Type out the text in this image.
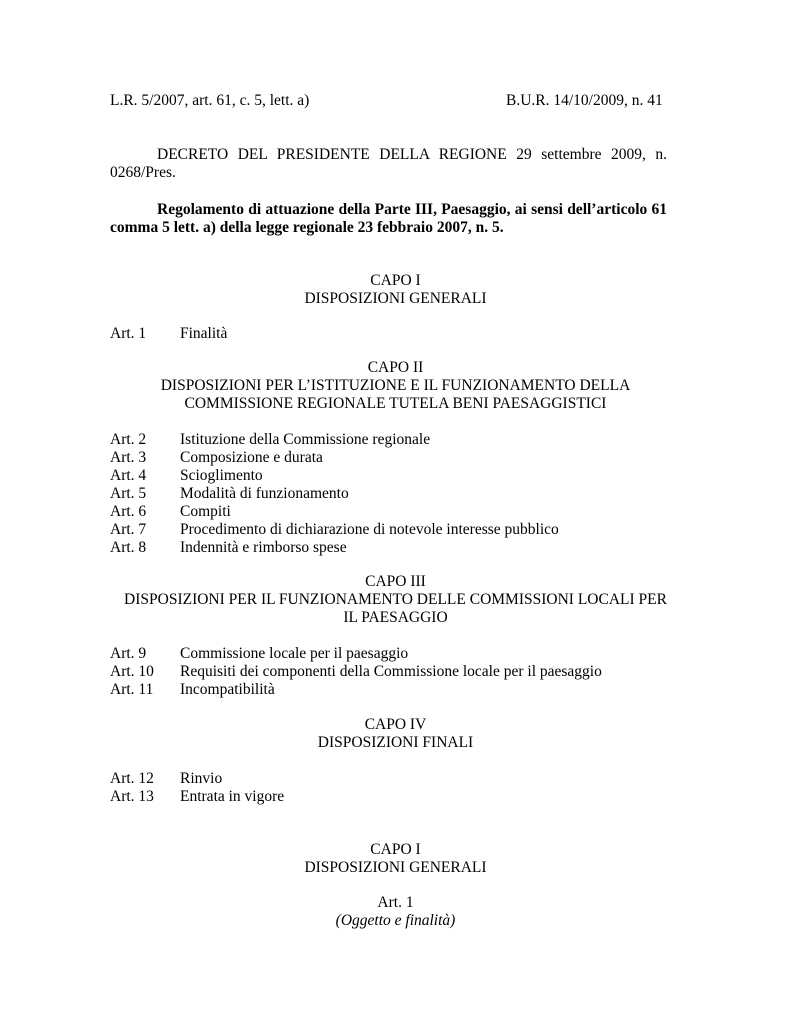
L.R. 5/2007, art. 61, c. 5, lett. a)	B.U.R. 14/10/2009, n. 41
DECRETO DEL PRESIDENTE DELLA REGIONE 29 settembre 2009, n.
0268/Pres.
Regolamento di attuazione della Parte III, Paesaggio, ai sensi dell’articolo 61
comma 5 lett. a) della legge regionale 23 febbraio 2007, n. 5.
CAPO I
DISPOSIZIONI GENERALI
Art. 1	Finalità
CAPO II
DISPOSIZIONI PER L’ISTITUZIONE E IL FUNZIONAMENTO DELLA
COMMISSIONE REGIONALE TUTELA BENI PAESAGGISTICI
Art. 2	Istituzione della Commissione regionale
Art. 3	Composizione e durata
Art. 4	Scioglimento
Art. 5	Modalità di funzionamento
Art. 6	Compiti
Art. 7	Procedimento di dichiarazione di notevole interesse pubblico
Art. 8	Indennità e rimborso spese
CAPO III
DISPOSIZIONI PER IL FUNZIONAMENTO DELLE COMMISSIONI LOCALI PER
IL PAESAGGIO
Art. 9	Commissione locale per il paesaggio
Art. 10	Requisiti dei componenti della Commissione locale per il paesaggio
Art. 11	Incompatibilità
CAPO IV
DISPOSIZIONI FINALI
Art. 12	Rinvio
Art. 13	Entrata in vigore
CAPO I
DISPOSIZIONI GENERALI
Art. 1
(Oggetto e finalità)
